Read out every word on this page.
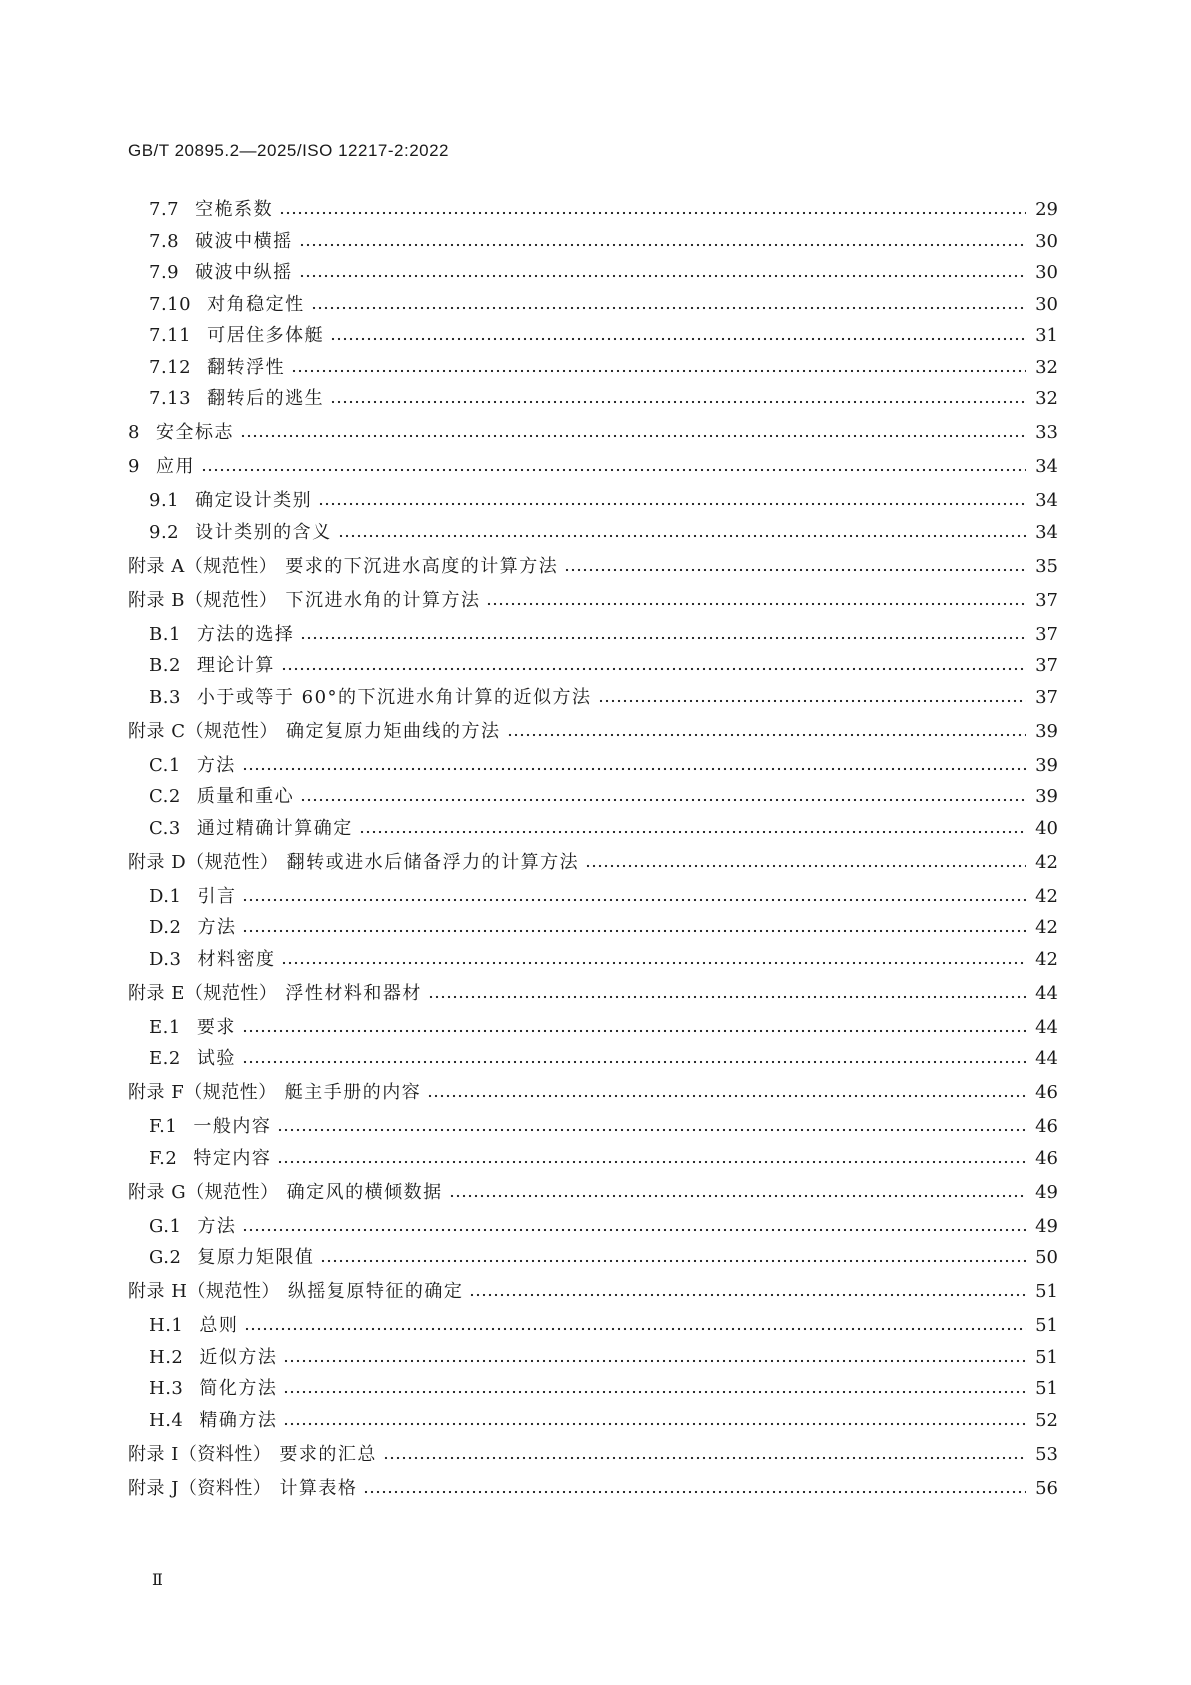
GB/T 20895.2—2025/ISO 12217-2:2022
7.7 空桅系数	29
7.8 破波中横摇	30
7.9 破波中纵摇	30
7.10 对角稳定性	30
7.11 可居住多体艇	31
7.12 翻转浮性	32
7.13 翻转后的逃生	32
8 安全标志	33
9 应用	34
9.1 确定设计类别	34
9.2 设计类别的含义	34
附录 A（规范性） 要求的下沉进水高度的计算方法	35
附录 B（规范性） 下沉进水角的计算方法	37
B.1 方法的选择	37
B.2 理论计算	37
B.3 小于或等于 60°的下沉进水角计算的近似方法	37
附录 C（规范性） 确定复原力矩曲线的方法	39
C.1 方法	39
C.2 质量和重心	39
C.3 通过精确计算确定	40
附录 D（规范性） 翻转或进水后储备浮力的计算方法	42
D.1 引言	42
D.2 方法	42
D.3 材料密度	42
附录 E（规范性） 浮性材料和器材	44
E.1 要求	44
E.2 试验	44
附录 F（规范性） 艇主手册的内容	46
F.1 一般内容	46
F.2 特定内容	46
附录 G（规范性） 确定风的横倾数据	49
G.1 方法	49
G.2 复原力矩限值	50
附录 H（规范性） 纵摇复原特征的确定	51
H.1 总则	51
H.2 近似方法	51
H.3 简化方法	51
H.4 精确方法	52
附录 I（资料性） 要求的汇总	53
附录 J（资料性） 计算表格	56
Ⅱ
